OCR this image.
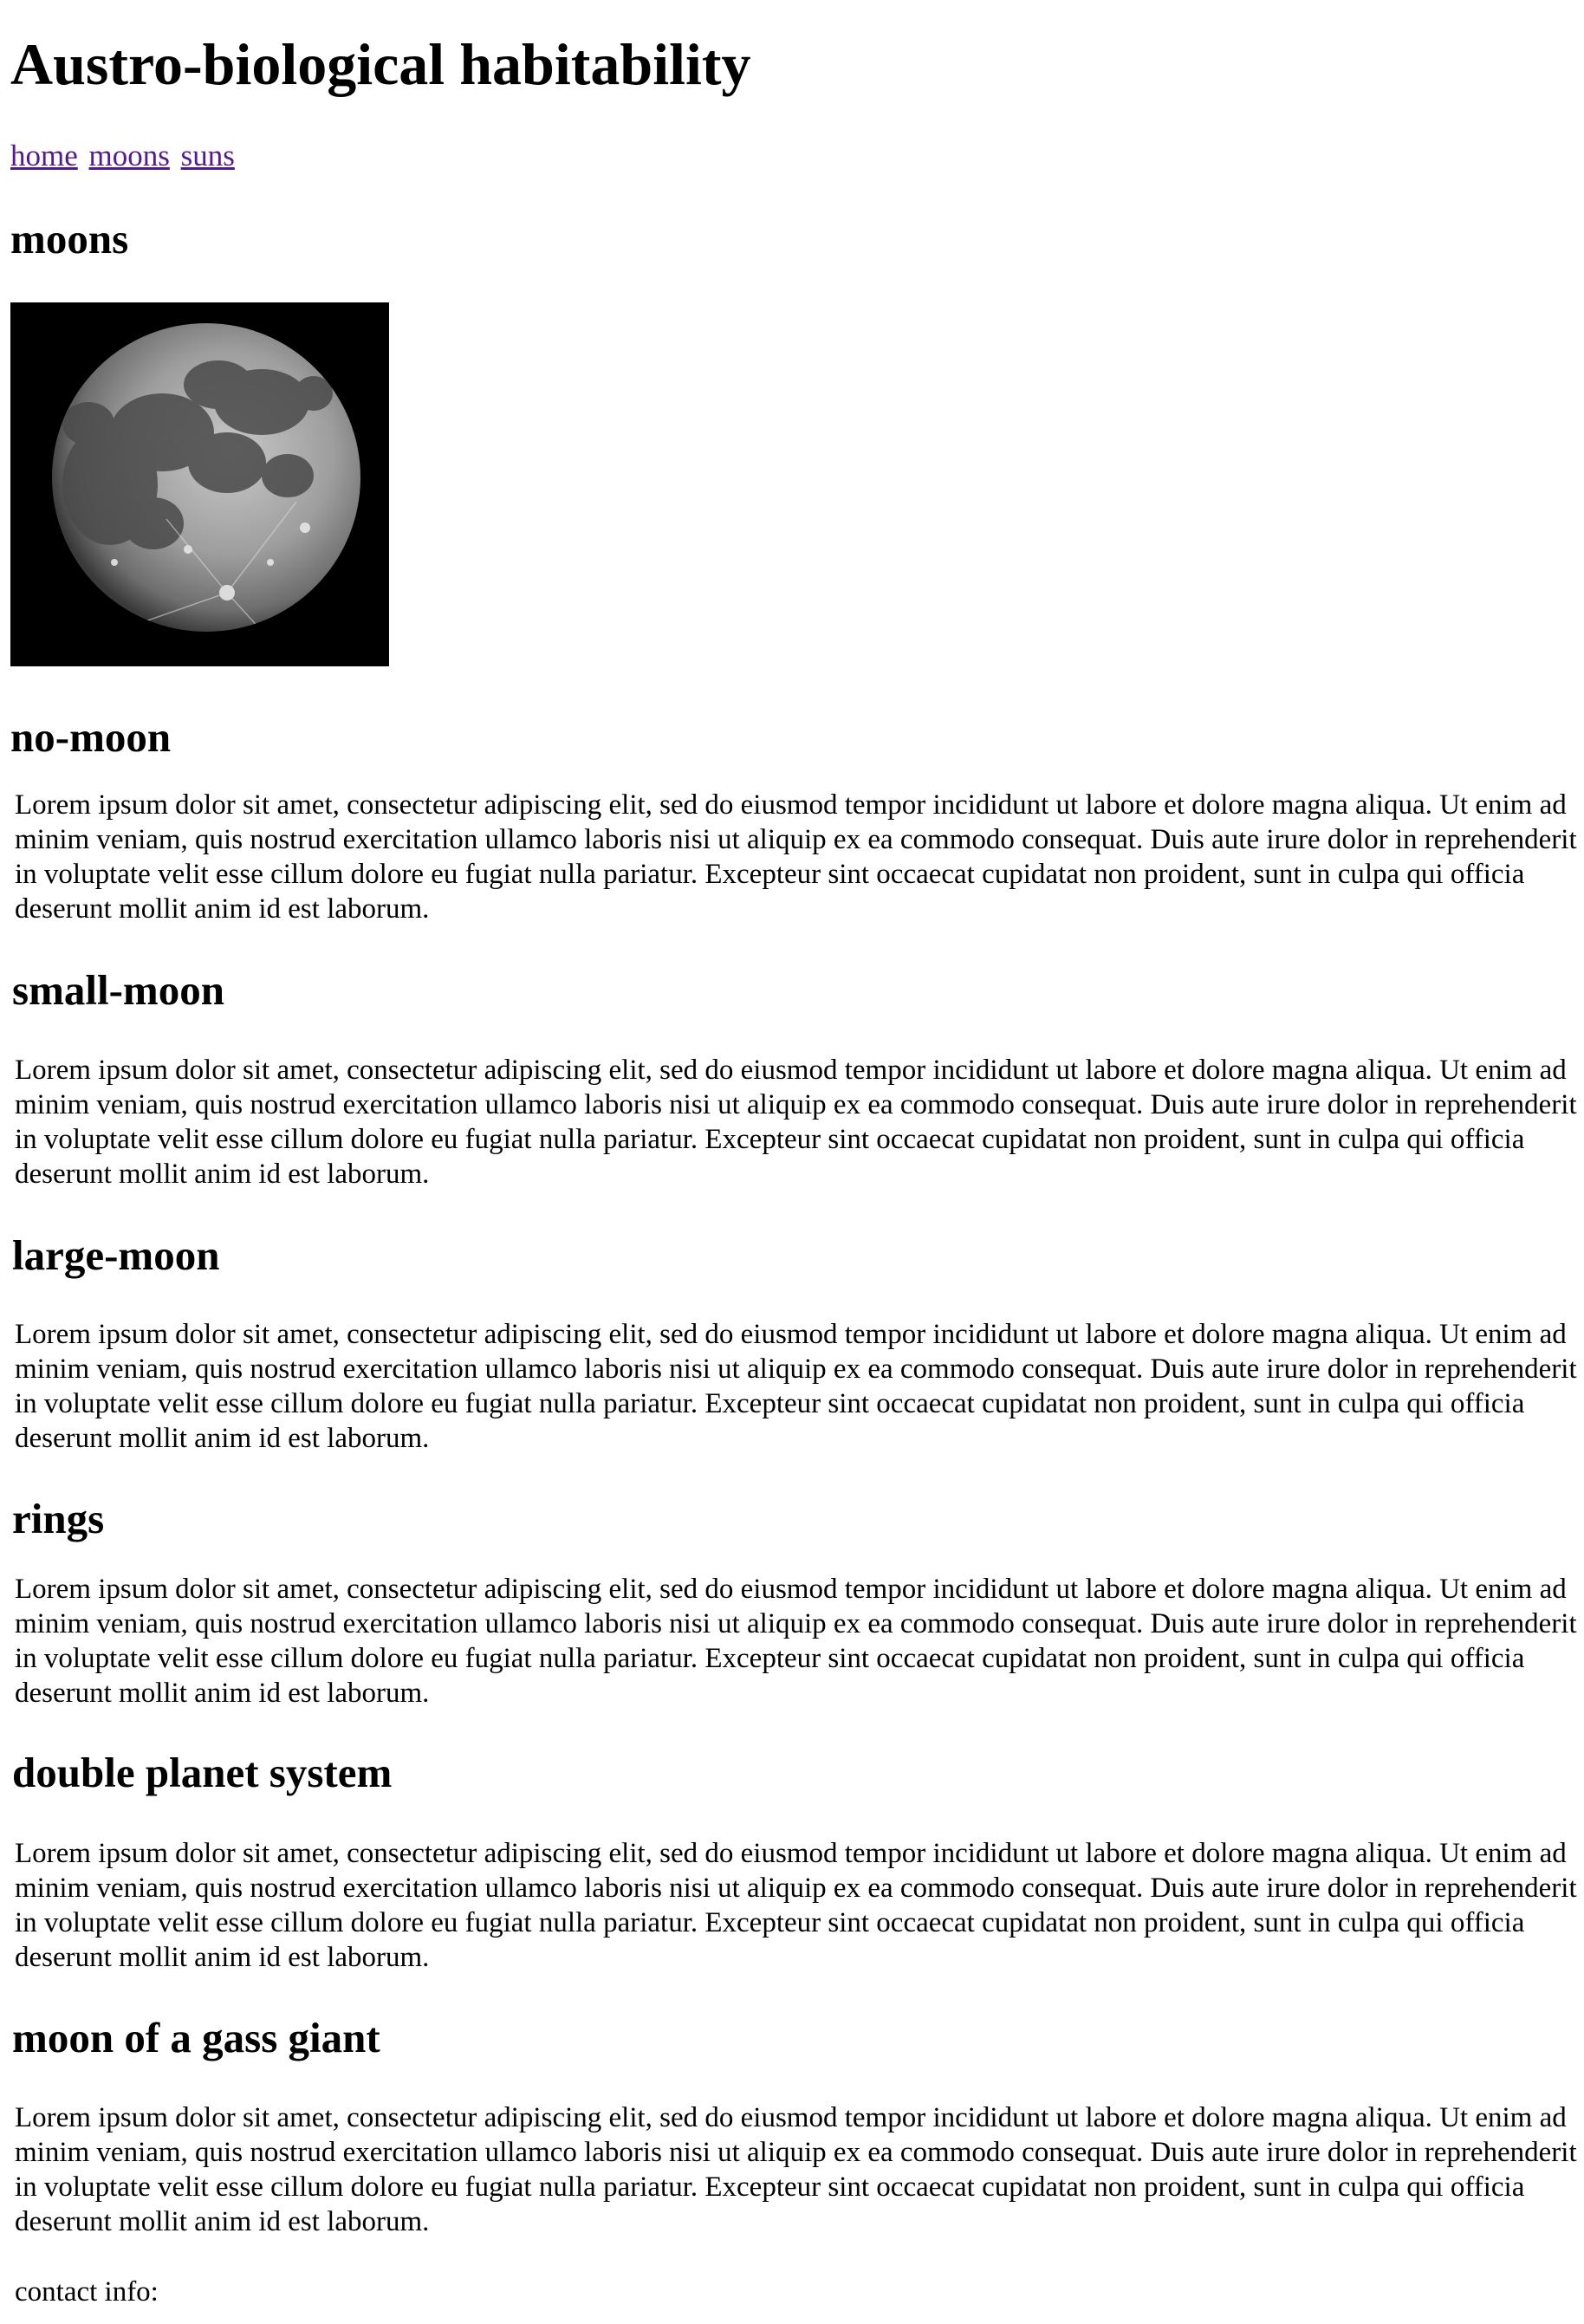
Austro-biological habitability
home moons suns
moons
no-moon

Lorem ipsum dolor sit amet, consectetur adipiscing elit, sed do eiusmod tempor incididunt ut labore et dolore magna aliqua. Ut enim ad minim veniam, quis nostrud exercitation ullamco laboris nisi ut aliquip ex ea commodo consequat. Duis aute irure dolor in reprehenderit in voluptate velit esse cillum dolore eu fugiat nulla pariatur. Excepteur sint occaecat cupidatat non proident, sunt in culpa qui officia deserunt mollit anim id est laborum.

small-moon

Lorem ipsum dolor sit amet, consectetur adipiscing elit, sed do eiusmod tempor incididunt ut labore et dolore magna aliqua. Ut enim ad minim veniam, quis nostrud exercitation ullamco laboris nisi ut aliquip ex ea commodo consequat. Duis aute irure dolor in reprehenderit in voluptate velit esse cillum dolore eu fugiat nulla pariatur. Excepteur sint occaecat cupidatat non proident, sunt in culpa qui officia deserunt mollit anim id est laborum.

large-moon

Lorem ipsum dolor sit amet, consectetur adipiscing elit, sed do eiusmod tempor incididunt ut labore et dolore magna aliqua. Ut enim ad minim veniam, quis nostrud exercitation ullamco laboris nisi ut aliquip ex ea commodo consequat. Duis aute irure dolor in reprehenderit in voluptate velit esse cillum dolore eu fugiat nulla pariatur. Excepteur sint occaecat cupidatat non proident, sunt in culpa qui officia deserunt mollit anim id est laborum.

rings

Lorem ipsum dolor sit amet, consectetur adipiscing elit, sed do eiusmod tempor incididunt ut labore et dolore magna aliqua. Ut enim ad minim veniam, quis nostrud exercitation ullamco laboris nisi ut aliquip ex ea commodo consequat. Duis aute irure dolor in reprehenderit in voluptate velit esse cillum dolore eu fugiat nulla pariatur. Excepteur sint occaecat cupidatat non proident, sunt in culpa qui officia deserunt mollit anim id est laborum.

double planet system

Lorem ipsum dolor sit amet, consectetur adipiscing elit, sed do eiusmod tempor incididunt ut labore et dolore magna aliqua. Ut enim ad minim veniam, quis nostrud exercitation ullamco laboris nisi ut aliquip ex ea commodo consequat. Duis aute irure dolor in reprehenderit in voluptate velit esse cillum dolore eu fugiat nulla pariatur. Excepteur sint occaecat cupidatat non proident, sunt in culpa qui officia deserunt mollit anim id est laborum.

moon of a gass giant

Lorem ipsum dolor sit amet, consectetur adipiscing elit, sed do eiusmod tempor incididunt ut labore et dolore magna aliqua. Ut enim ad minim veniam, quis nostrud exercitation ullamco laboris nisi ut aliquip ex ea commodo consequat. Duis aute irure dolor in reprehenderit in voluptate velit esse cillum dolore eu fugiat nulla pariatur. Excepteur sint occaecat cupidatat non proident, sunt in culpa qui officia deserunt mollit anim id est laborum.

contact info:
